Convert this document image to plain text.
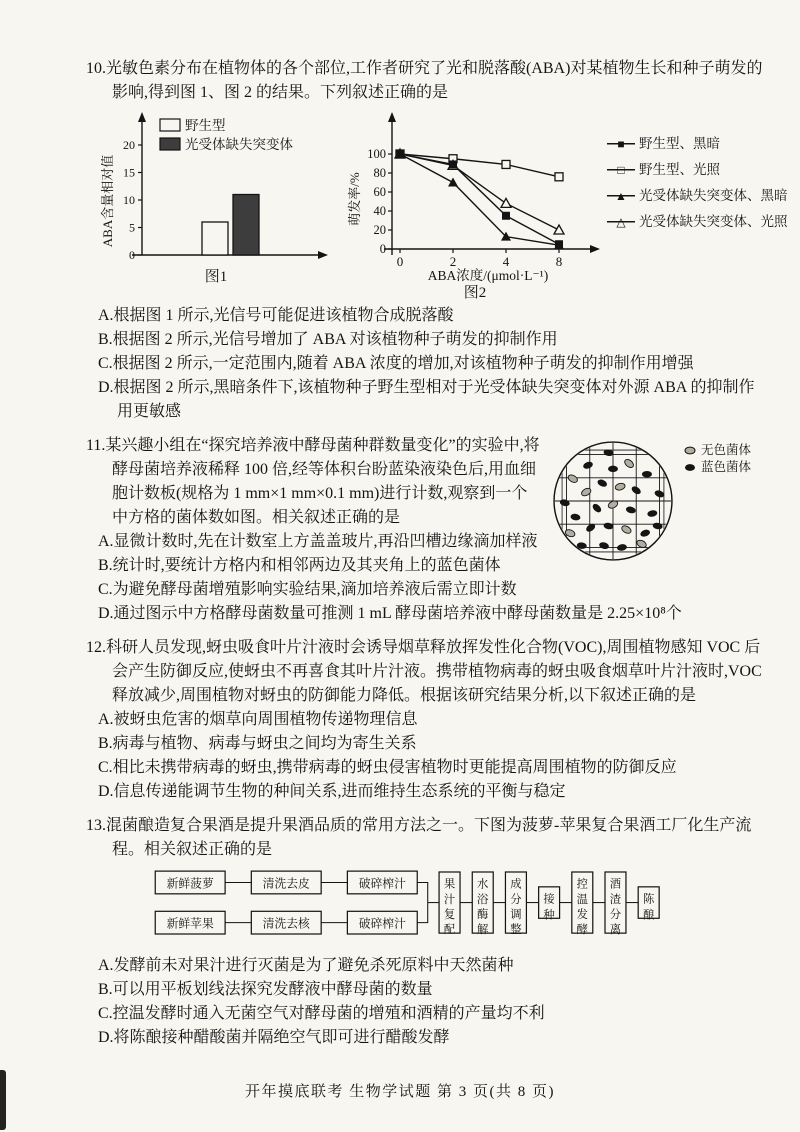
10.光敏色素分布在植物体的各个部位,工作者研究了光和脱落酸(ABA)对某植物生长和种子萌发的影响,得到图 1、图 2 的结果。下列叙述正确的是

0
5
10
15
20
ABA含量相对值
野生型
光受体缺失突变体
图1
0
20
40
60
80
100
0	2	4	8
ABA浓度/(μmol·L⁻¹)
萌发率/%
图2
■	野生型、黑暗
□	野生型、光照
▲ 光受体缺失突变体、黑暗
△ 光受体缺失突变体、光照

A.根据图 1 所示,光信号可能促进该植物合成脱落酸

B.根据图 2 所示,光信号增加了 ABA 对该植物种子萌发的抑制作用

C.根据图 2 所示,一定范围内,随着 ABA 浓度的增加,对该植物种子萌发的抑制作用增强

D.根据图 2 所示,黑暗条件下,该植物种子野生型相对于光受体缺失突变体对外源 ABA 的抑制作用更敏感

无色菌体
蓝色菌体

11.某兴趣小组在“探究培养液中酵母菌种群数量变化”的实验中,将酵母菌培养液稀释 100 倍,经等体积台盼蓝染液染色后,用血细胞计数板(规格为 1 mm×1 mm×0.1 mm)进行计数,观察到一个中方格的菌体数如图。相关叙述正确的是

A.显微计数时,先在计数室上方盖盖玻片,再沿凹槽边缘滴加样液

B.统计时,要统计方格内和相邻两边及其夹角上的蓝色菌体

C.为避免酵母菌增殖影响实验结果,滴加培养液后需立即计数

D.通过图示中方格酵母菌数量可推测 1 mL 酵母菌培养液中酵母菌数量是 2.25×10⁸个

12.科研人员发现,蚜虫吸食叶片汁液时会诱导烟草释放挥发性化合物(VOC),周围植物感知 VOC 后会产生防御反应,使蚜虫不再喜食其叶片汁液。携带植物病毒的蚜虫吸食烟草叶片汁液时,VOC 释放减少,周围植物对蚜虫的防御能力降低。根据该研究结果分析,以下叙述正确的是

A.被蚜虫危害的烟草向周围植物传递物理信息

B.病毒与植物、病毒与蚜虫之间均为寄生关系

C.相比未携带病毒的蚜虫,携带病毒的蚜虫侵害植物时更能提高周围植物的防御反应

D.信息传递能调节生物的种间关系,进而维持生态系统的平衡与稳定

13.混菌酿造复合果酒是提升果酒品质的常用方法之一。下图为菠萝-苹果复合果酒工厂化生产流程。相关叙述正确的是

新鲜菠萝	清洗去皮	破碎榨汁
新鲜苹果	清洗去核	破碎榨汁
果
汁
复
配
水
浴
酶
解
成
分
调
整
接
种
控
温
发
酵
酒
渣
分
离
陈
酿

A.发酵前未对果汁进行灭菌是为了避免杀死原料中天然菌种

B.可以用平板划线法探究发酵液中酵母菌的数量

C.控温发酵时通入无菌空气对酵母菌的增殖和酒精的产量均不利

D.将陈酿接种醋酸菌并隔绝空气即可进行醋酸发酵

开年摸底联考 生物学试题 第 3 页(共 8 页)
